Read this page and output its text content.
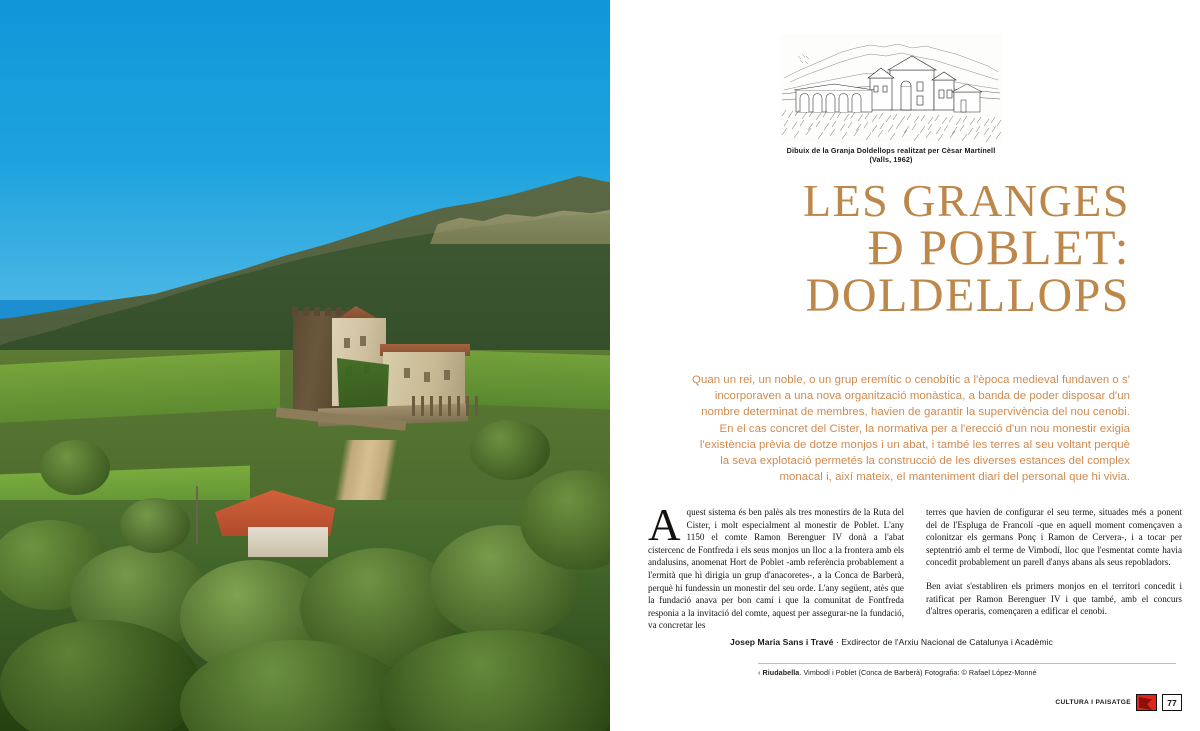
Dibuix de la Granja Doldellops realitzat per Cèsar Martinell (Valls, 1962)
LES GRANGES
Ð POBLET:
DOLDELLOPS
Quan un rei, un noble, o un grup eremític o cenobític a l'època medieval fundaven o s' incorporaven a una nova organització monàstica, a banda de poder disposar d'un nombre determinat de membres, havien de garantir la supervivència del nou cenobi. En el cas concret del Cister, la normativa per a l'erecció d'un nou monestir exigia l'existència prèvia de dotze monjos i un abat, i també les terres al seu voltant perquè la seva explotació permetés la construcció de les diverses estances del complex monacal i, així mateix, el manteniment diari del personal que hi vivia.

Aquest sistema és ben palès als tres monestirs de la Ruta del Cister, i molt especialment al monestir de Poblet. L'any 1150 el comte Ramon Berenguer IV donà a l'abat cistercenc de Fontfreda i els seus monjos un lloc a la frontera amb els andalusins, anomenat Hort de Poblet -amb referència probablement a l'ermità que hi dirigia un grup d'anacoretes-, a la Conca de Barberà, perquè hi fundessin un monestir del seu orde. L'any següent, atès que la fundació anava per bon camí i que la comunitat de Fontfreda responia a la invitació del comte, aquest per assegurar-ne la fundació, va concretar les

terres que havien de configurar el seu terme, situades més a ponent del de l'Espluga de Francolí -que en aquell moment començaven a colonitzar els germans Ponç i Ramon de Cervera-, i a tocar per septentrió amb el terme de Vimbodí, lloc que l'esmentat comte havia concedit probablement un parell d'anys abans als seus repobladors.

Ben aviat s'establiren els primers monjos en el territori concedit i ratificat per Ramon Berenguer IV i que també, amb el concurs d'altres operaris, començaren a edificar el cenobi.

Josep Maria Sans i Travé · Exdirector de l'Arxiu Nacional de Catalunya i Acadèmic
‹ Riudabella. Vimbodí i Poblet (Conca de Barberà) Fotografia: © Rafael López-Monné
CULTURA I PAISATGE	77
